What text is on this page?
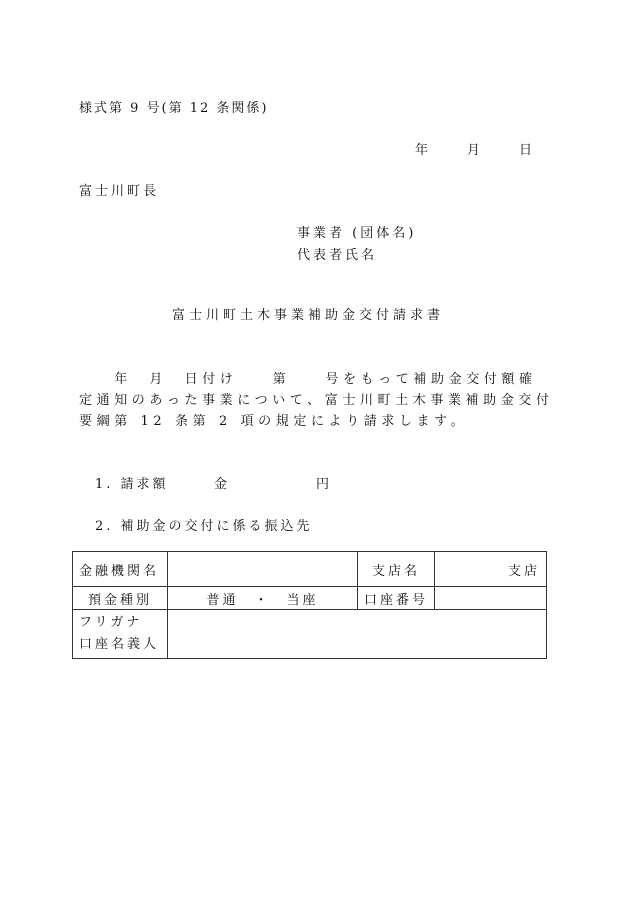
様式第 9 号(第 12 条関係)
年	月	日
富士川町長
事業者 (団体名)
代表者氏名
富士川町土木事業補助金交付請求書
　　年　月　日付け　　第　　号をもって補助金交付額確
定通知のあった事業について、富士川町土木事業補助金交付
要綱第 12 条第 2 項の規定により請求します。
1. 請求額	金	円
2. 補助金の交付に係る振込先
金融機関名		支店名	支店
預金種別	普通　・　当座	口座番号	

フリガナ
口座名義人			
